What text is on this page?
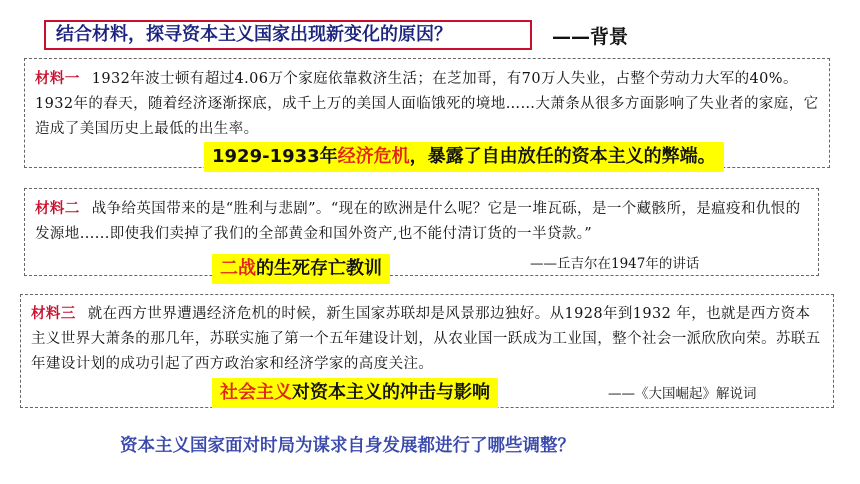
结合材料，探寻资本主义国家出现新变化的原因？	——背景

材料一 1932年波士顿有超过4.06万个家庭依靠救济生活；在芝加哥，有70万人失业，占整个劳动力大军的40%。1932年的春天，随着经济逐渐探底，成千上万的美国人面临饿死的境地……大萧条从很多方面影响了失业者的家庭，它造成了美国历史上最低的出生率。

1929-1933年经济危机，暴露了自由放任的资本主义的弊端。

材料二 战争给英国带来的是“胜利与悲剧”。“现在的欧洲是什么呢？它是一堆瓦砾，是一个藏骸所，是瘟疫和仇恨的发源地......即使我们卖掉了我们的全部黄金和国外资产,也不能付清订货的一半贷款。”

二战的生死存亡教训	——丘吉尔在1947年的讲话

材料三 就在西方世界遭遇经济危机的时候，新生国家苏联却是风景那边独好。从1928年到1932 年，也就是西方资本主义世界大萧条的那几年，苏联实施了第一个五年建设计划，从农业国一跃成为工业国，整个社会一派欣欣向荣。苏联五年建设计划的成功引起了西方政治家和经济学家的高度关注。

社会主义对资本主义的冲击与影响	——《大国崛起》解说词
资本主义国家面对时局为谋求自身发展都进行了哪些调整？
